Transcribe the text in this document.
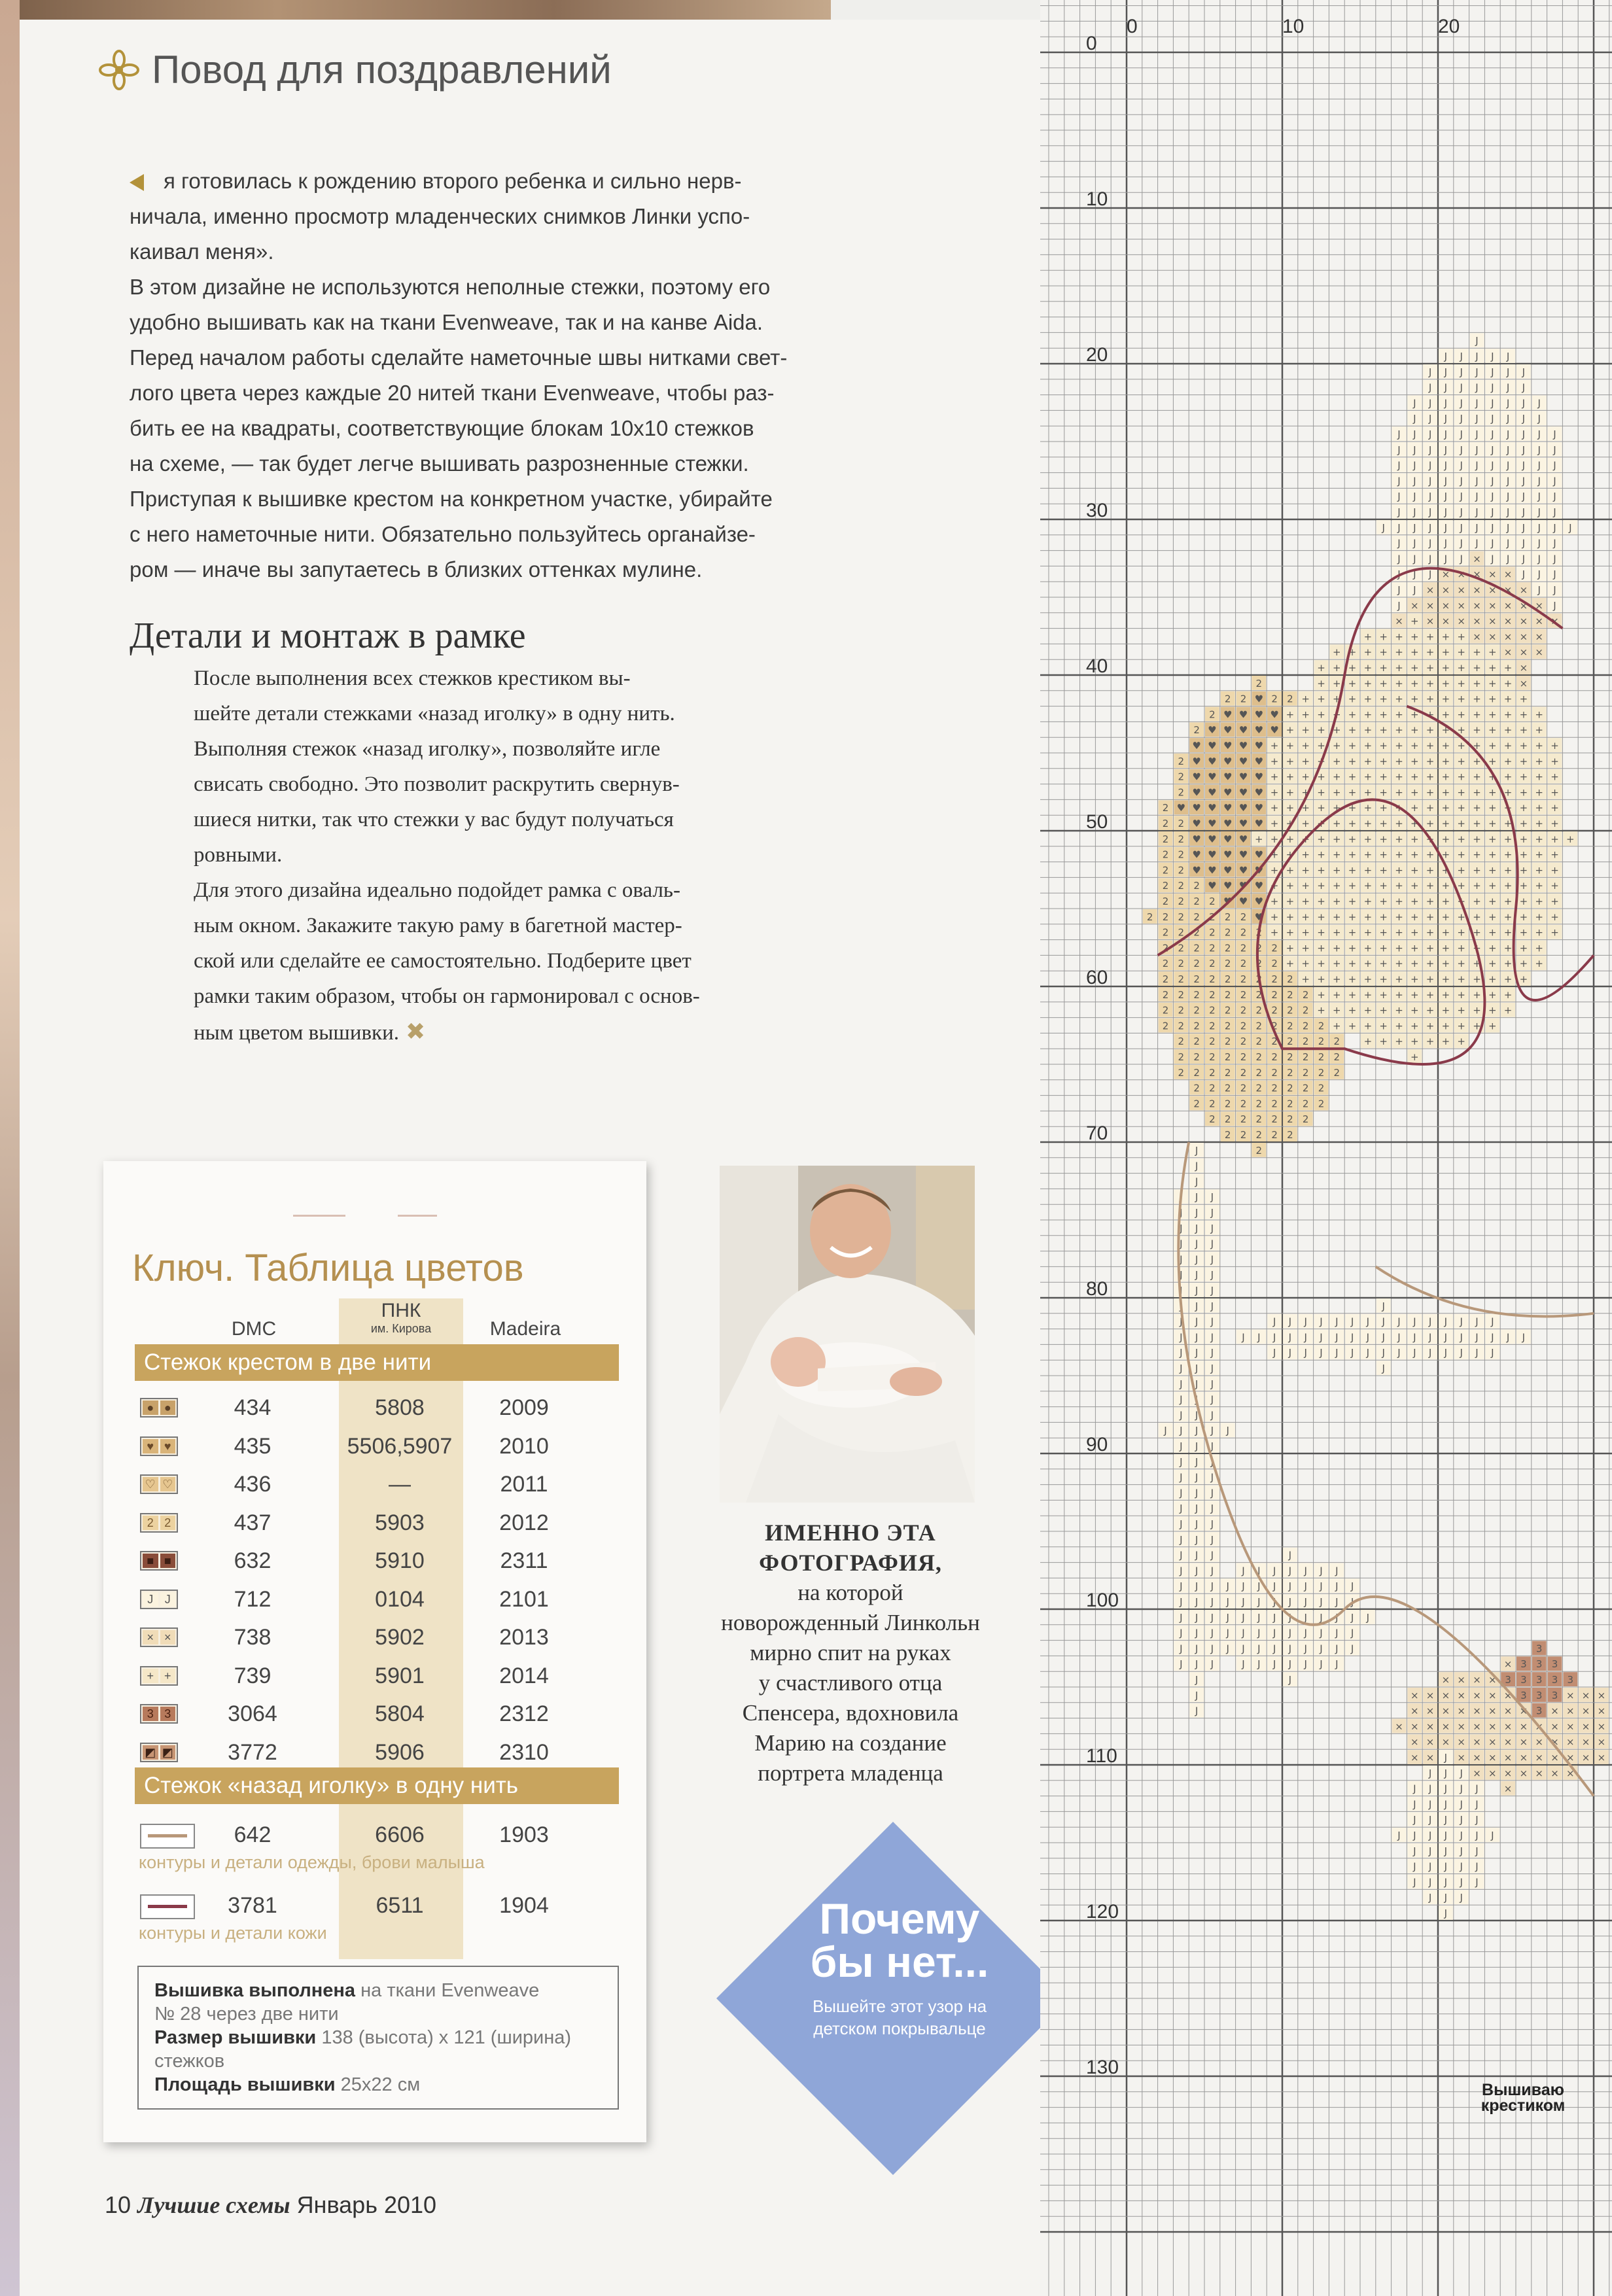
Повод для поздравлений

я готовилась к рождению второго ребенка и сильно нерв-

ничала, именно просмотр младенческих снимков Линки успо-

каивал меня».

В этом дизайне не используются неполные стежки, поэтому его

удобно вышивать как на ткани Evenweave, так и на канве Aida.

Перед началом работы сделайте наметочные швы нитками свет-

лого цвета через каждые 20 нитей ткани Evenweave, чтобы раз-

бить ее на квадраты, соответствующие блокам 10x10 стежков

на схеме, — так будет легче вышивать разрозненные стежки.

Приступая к вышивке крестом на конкретном участке, убирайте

с него наметочные нити. Обязательно пользуйтесь органайзе-

ром — иначе вы запутаетесь в близких оттенках мулине.

Детали и монтаж в рамке

После выполнения всех стежков крестиком вы-

шейте детали стежками «назад иголку» в одну нить.

Выполняя стежок «назад иголку», позволяйте игле

свисать свободно. Это позволит раскрутить свернув-

шиеся нитки, так что стежки у вас будут получаться

ровными.

Для этого дизайна идеально подойдет рамка с оваль-

ным окном. Закажите такую раму в багетной мастер-

ской или сделайте ее самостоятельно. Подберите цвет

рамки таким образом, чтобы он гармонировал с основ-

ным цветом вышивки. ✖

Ключ. Таблица цветов
DMC
ПНК
им. Кирова	Madeira
Стежок крестом в две нити
● ●	434	5808	2009
♥ ♥	435	5506,5907	2010
♡ ♡	436	—	2011
2 2	437	5903	2012
■ ■	632	5910	2311
J J	712	0104	2101
× ×	738	5902	2013
+ +	739	5901	2014
3 3	3064	5804	2312
◩ ◩	3772	5906	2310
Стежок «назад иголку» в одну нить
642	6606	1903
контуры и детали одежды, брови малыша
3781	6511	1904
контуры и детали кожи
Вышивка выполнена на ткани Evenweave
№ 28 через две нити
Размер вышивки 138 (высота) x 121 (ширина)
стежков
Площадь вышивки 25x22 см
ИМЕННО ЭТА
ФОТОГРАФИЯ,
на которой
новорожденный Линкольн
мирно спит на руках
у счастливого отца
Спенсера, вдохновила
Марию на создание
портрета младенца
Почему
бы нет...
Вышейте этот узор на
детском покрывальце
10 Лучшие схемы Январь 2010
0	10	20
0
10
20
30
40
50
60
70
80
90
100
110
120
130
J
J J J J J
J J J J J J J
J J J J J J J
J J J J J J J J J
J J J J J J J J J
J J J J J J J J J J J
J J J J J J J J J J J
J J J J J J J J J J J
J J J J J J J J J J J
J J J J J J J J J J J
J J J J J J J J J J J
J J J J J J J J J J J J J
J J J J J J J J J J J
J J J J J × J J J J J
J J J × × × × × J J J
J J × × × × × × × J J
J × × × × × × × × × J
× + × × × × × × × × ×
+ + + + + + + × × × × ×
+ + + + + + + + + + + × × ×
+ + + + + + + + + + + + + ×
2	+ + + + + + + + + + + + + ×
2 2 ♥ 2 2 + + + + + + + + + + + + + + +
2 ♥ ♥ ♥ ♥ + + + + + + + + + + + + + + + + +
2 ♥ ♥ ♥ ♥ ♥ + + + + + + + + + + + + + + + + +
♥ ♥ ♥ ♥ ♥ + + + + + + + + + + + + + + + + + + +
2 ♥ ♥ ♥ ♥ ♥ + + + + + + + + + + + + + + + + + + +
2 ♥ ♥ ♥ ♥ ♥ + + + + + + + + + + + + + + + + + + +
2 ♥ ♥ ♥ ♥ ♥ + + + + + + + + + + + + + + + + + + +
2 ♥ ♥ ♥ ♥ ♥ ♥ + + + + + + + + + + + + + + + + + + +
2 2 ♥ ♥ ♥ ♥ ♥ + + + + + + + + + + + + + + + + + + +
2 2 ♥ ♥ ♥ ♥ + + + + + + + + + + + + + + + + + + + + +
2 2 ♥ ♥ ♥ ♥ ♥ + + + + + + + + + + + + + + + + + + +
2 2 ♥ ♥ ♥ ♥ ♥ + + + + + + + + + + + + + + + + + + +
2 2 2 ♥ ♥ ♥ ♥ + + + + + + + + + + + + + + + + + + +
2 2 2 2 ♥ ♥ ♥ + + + + + + + + + + + + + + + + + + +
2 2 2 2 2 2 2 ♥ + + + + + + + + + + + + + + + + + + +
2 2 2 2 2 2 2 + + + + + + + + + + + + + + + + + + +
2 2 2 2 2 2 2 2 + + + + + + + + + + + + + + + + +
2 2 2 2 2 2 2 2 + + + + + + + + + + + + + + + + +
2 2 2 2 2 2 2 2 2 + + + + + + + + + + + + + + +
2 2 2 2 2 2 2 2 2 2 + + + + + + + + + + + + +
2 2 2 2 2 2 2 2 2 2 + + + + + + + + + + + + +
2 2 2 2 2 2 2 2 2 2 2 + + + + + + + + + + +
2 2 2 2 2 2 2 2 2 2 2 + + + + + + +
2 2 2 2 2 2 2 2 2 2 2	+
2 2 2 2 2 2 2 2 2 2 2
2 2 2 2 2 2 2 2 2
2 2 2 2 2 2 2 2 2
2 2 2 2 2 2 2
2 2 2 2 2
J	2
J
J
J J J
J J J
J J J
J J J
J J J
J J J
J J J
J J J	J
J J J	J J J J J J J J J J J J J J J
J J J	J J J J J J J J J J J J J J J J J J J
J J J	J J J J J J J J J J J J J J J
J J J	J
J J J
J J J
J J J
J J J J J
J J J
J J J
J J J
J J J
J J J
J J J
J J J
J J J	J
J J J	J J J J J J J
J J J J J J J J J J J J
J J J J J J J J J J J J
J J J J J J J J J J J J J
J J J J J J J J J J J J
J J J J J J J J J J J J	3
J J J	J J J J J J J	× 3 3 3
J	J	× × × × 3 3 3 3 3
J	× × × × × × × 3 3 3 × × ×
J	× × × × × × × × 3 × × × ×
× × × × × × × × × × × × × ×
× × × × × × × × × × × × ×
× × J × × × × × × × × × ×
J J J × × × × × × ×
J J J J J	×
J J J J J
J J J J J
J J J J J J J
J J J J J
J J J J J
J J J J J
J J J
J
Вышиваю
крестиком
